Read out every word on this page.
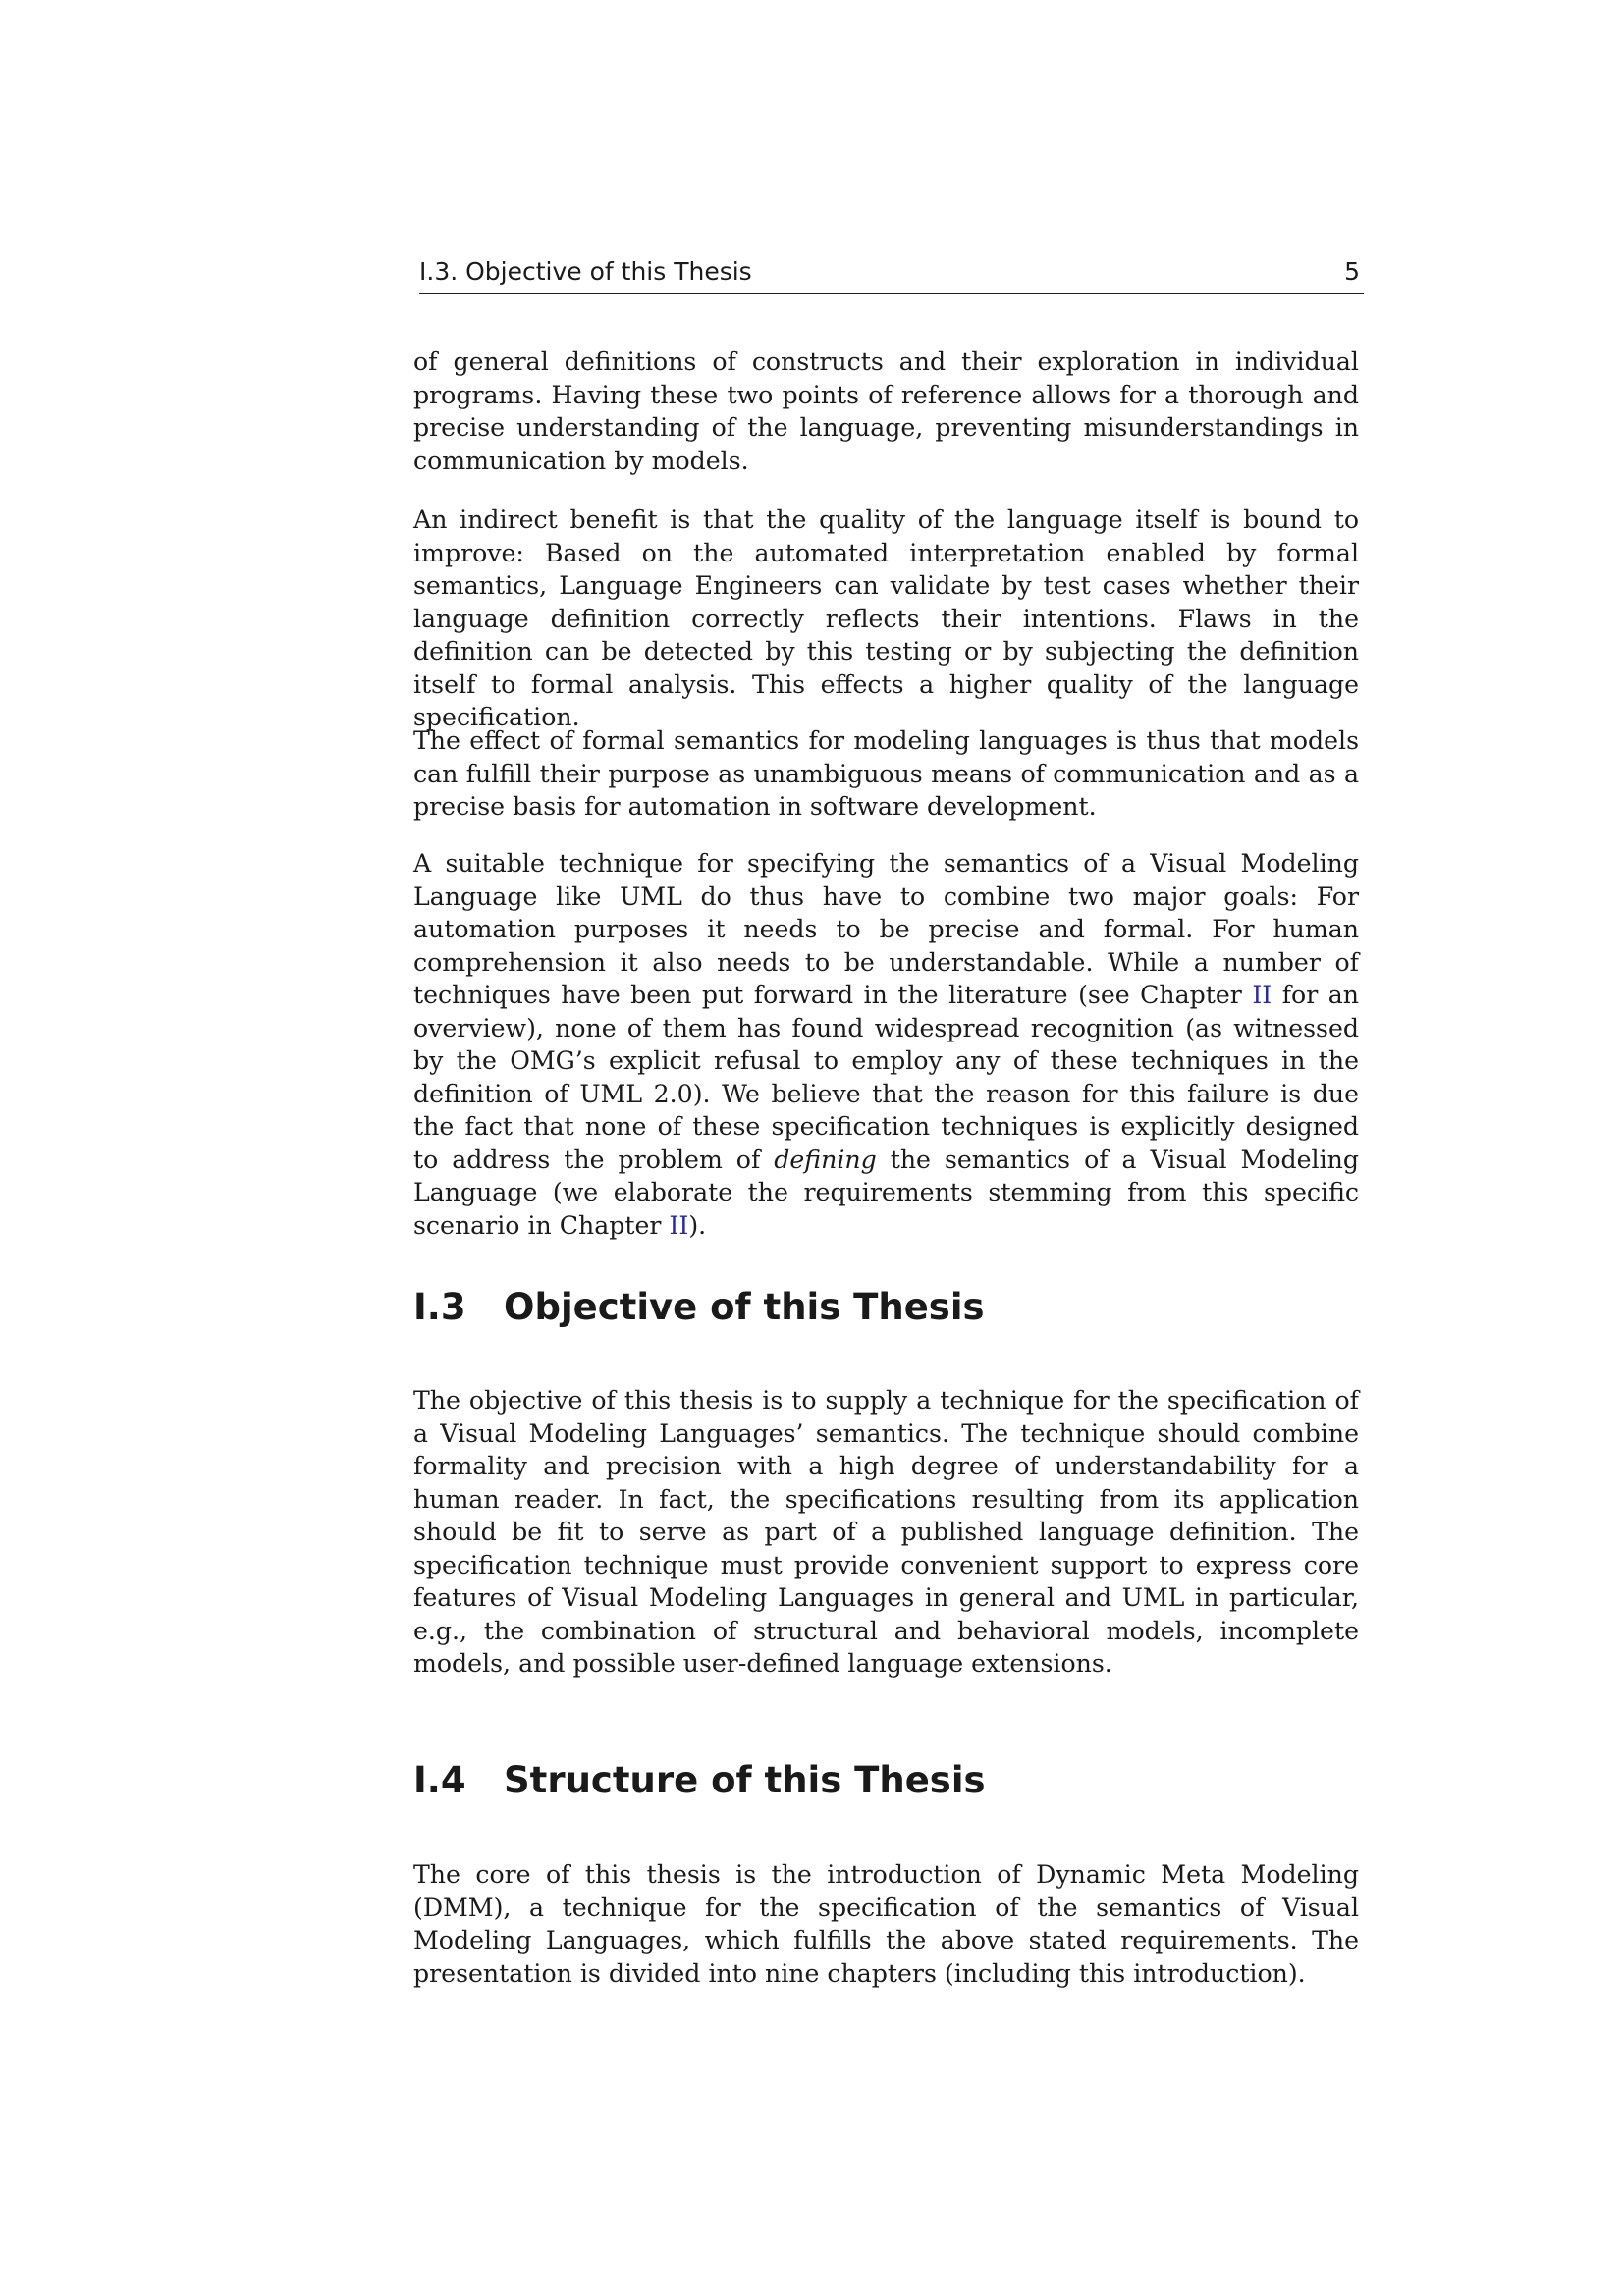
I.3. Objective of this Thesis	5

of general definitions of constructs and their exploration in individual programs. Having these two points of reference allows for a thorough and precise understanding of the language, preventing misunderstandings in communication by models.

An indirect benefit is that the quality of the language itself is bound to improve: Based on the automated interpretation enabled by formal semantics, Language Engineers can validate by test cases whether their language definition correctly reflects their intentions. Flaws in the definition can be detected by this testing or by subjecting the definition itself to formal analysis. This effects a higher quality of the language specification.

The effect of formal semantics for modeling languages is thus that models can fulfill their purpose as unambiguous means of communication and as a precise basis for automation in software development.

A suitable technique for specifying the semantics of a Visual Modeling Language like UML do thus have to combine two major goals: For automation purposes it needs to be precise and formal. For human comprehension it also needs to be understandable. While a number of techniques have been put forward in the literature (see Chapter II for an overview), none of them has found widespread recognition (as witnessed by the OMG’s explicit refusal to employ any of these techniques in the definition of UML 2.0). We believe that the reason for this failure is due the fact that none of these specification techniques is explicitly designed to address the problem of defining the semantics of a Visual Modeling Language (we elaborate the requirements stemming from this specific scenario in Chapter II).

I.3 Objective of this Thesis

The objective of this thesis is to supply a technique for the specification of a Visual Modeling Languages’ semantics. The technique should combine formality and precision with a high degree of understandability for a human reader. In fact, the specifications resulting from its application should be fit to serve as part of a published language definition. The specification technique must provide convenient support to express core features of Visual Modeling Languages in general and UML in particular, e.g., the combination of structural and behavioral models, incomplete models, and possible user-defined language extensions.

I.4 Structure of this Thesis

The core of this thesis is the introduction of Dynamic Meta Modeling (DMM), a technique for the specification of the semantics of Visual Modeling Languages, which fulfills the above stated requirements. The presentation is divided into nine chapters (including this introduction).
